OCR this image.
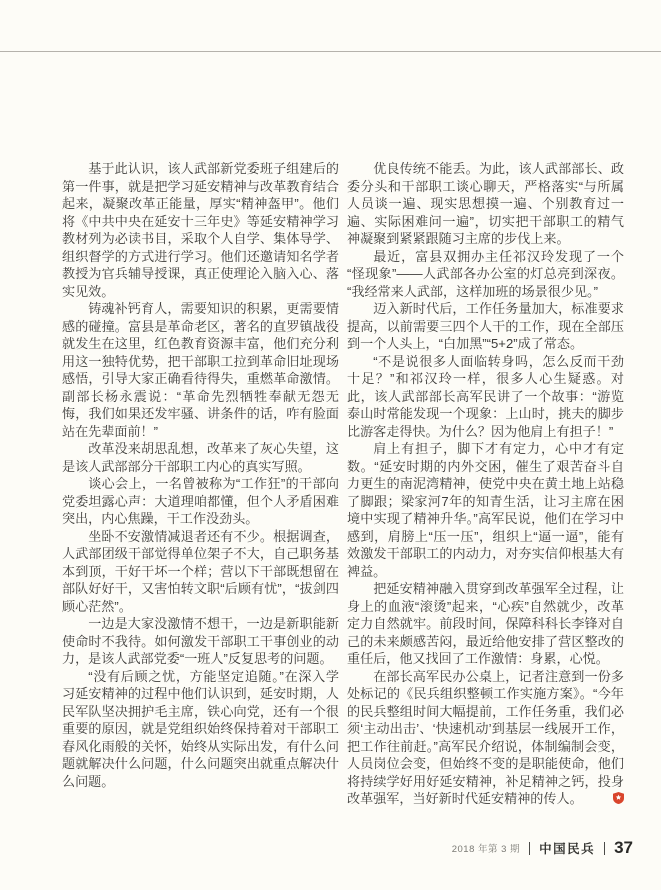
基于此认识，该人武部新党委班子组建后的第一件事，就是把学习延安精神与改革教育结合起来，凝聚改革正能量，厚实“精神盔甲”。他们将《中共中央在延安十三年史》等延安精神学习教材列为必读书目，采取个人自学、集体导学、组织督学的方式进行学习。他们还邀请知名学者教授为官兵辅导授课，真正使理论入脑入心、落实见效。

铸魂补钙育人，需要知识的积累，更需要情感的碰撞。富县是革命老区，著名的直罗镇战役就发生在这里，红色教育资源丰富，他们充分利用这一独特优势，把干部职工拉到革命旧址现场感悟，引导大家正确看待得失，重燃革命激情。副部长杨永震说：“革命先烈牺牲奉献无怨无悔，我们如果还发牢骚、讲条件的话，咋有脸面站在先辈面前！”

改革没来胡思乱想，改革来了灰心失望，这是该人武部部分干部职工内心的真实写照。

谈心会上，一名曾被称为“工作狂”的干部向党委坦露心声：大道理咱都懂，但个人矛盾困难突出，内心焦躁，干工作没劲头。

坐卧不安激情减退者还有不少。根据调查，人武部团级干部觉得单位架子不大，自己职务基本到顶，干好干坏一个样；营以下干部既想留在部队好好干，又害怕转文职“后顾有忧”，“拔剑四顾心茫然”。

一边是大家没激情不想干，一边是新职能新使命时不我待。如何激发干部职工干事创业的动力，是该人武部党委“一班人”反复思考的问题。

“没有后顾之忧，方能坚定追随。”在深入学习延安精神的过程中他们认识到，延安时期，人民军队坚决拥护毛主席，铁心向党，还有一个很重要的原因，就是党组织始终保持着对干部职工春风化雨般的关怀，始终从实际出发，有什么问题就解决什么问题，什么问题突出就重点解决什么问题。

优良传统不能丢。为此，该人武部部长、政委分头和干部职工谈心聊天，严格落实“与所属人员谈一遍、现实思想摸一遍、个别教育过一遍、实际困难问一遍”，切实把干部职工的精气神凝聚到紧紧跟随习主席的步伐上来。

最近，富县双拥办主任祁汉玲发现了一个“怪现象”——人武部各办公室的灯总亮到深夜。“我经常来人武部，这样加班的场景很少见。”

迈入新时代后，工作任务量加大，标准要求提高，以前需要三四个人干的工作，现在全部压到一个人头上，“白加黑”“5+2”成了常态。

“不是说很多人面临转身吗，怎么反而干劲十足？”和祁汉玲一样，很多人心生疑惑。对此，该人武部部长高军民讲了一个故事：“游览泰山时常能发现一个现象：上山时，挑夫的脚步比游客走得快。为什么？因为他肩上有担子！”

肩上有担子，脚下才有定力，心中才有定数。“延安时期的内外交困，催生了艰苦奋斗自力更生的南泥湾精神，使党中央在黄土地上站稳了脚跟；梁家河7年的知青生活，让习主席在困境中实现了精神升华。”高军民说，他们在学习中感到，肩膀上“压一压”，组织上“逼一逼”，能有效激发干部职工的内动力，对夯实信仰根基大有裨益。

把延安精神融入贯穿到改革强军全过程，让身上的血液“滚烫”起来，“心疾”自然就少，改革定力自然就牢。前段时间，保障科科长李锋对自己的未来颇感苦闷，最近给他安排了营区整改的重任后，他又找回了工作激情：身累，心悦。

在部长高军民办公桌上，记者注意到一份多处标记的《民兵组织整顿工作实施方案》。“今年的民兵整组时间大幅提前，工作任务重，我们必须‘主动出击’、‘快速机动’到基层一线展开工作，把工作往前赶。”高军民介绍说，体制编制会变，人员岗位会变，但始终不变的是职能使命，他们将持续学好用好延安精神，补足精神之钙，投身改革强军，当好新时代延安精神的传人。

2018 年第 3 期 中国民兵 37
